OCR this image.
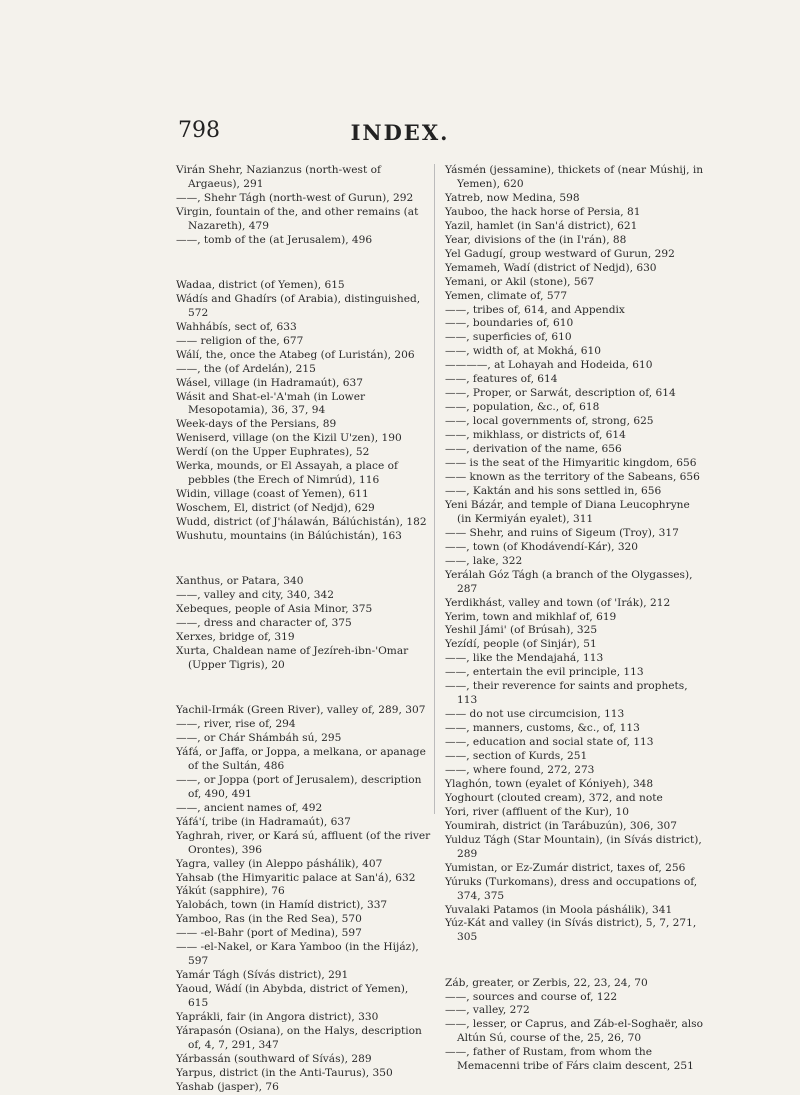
798	INDEX.

Virán Shehr, Nazianzus (north-west of Argaeus), 291

——, Shehr Tágh (north-west of Gurun), 292

Virgin, fountain of the, and other remains (at Nazareth), 479

——, tomb of the (at Jerusalem), 496

Wadaa, district (of Yemen), 615

Wádís and Ghadírs (of Arabia), distinguished, 572

Wahhábís, sect of, 633

—— religion of the, 677

Wálí, the, once the Atabeg (of Luristán), 206

——, the (of Ardelán), 215

Wásel, village (in Hadramaút), 637

Wásit and Shat-el-'A'mah (in Lower Mesopotamia), 36, 37, 94

Week-days of the Persians, 89

Weniserd, village (on the Kizil U'zen), 190

Werdí (on the Upper Euphrates), 52

Werka, mounds, or El Assayah, a place of pebbles (the Erech of Nimrúd), 116

Widin, village (coast of Yemen), 611

Woschem, El, district (of Nedjd), 629

Wudd, district (of J'hálawán, Bálúchistán), 182

Wushutu, mountains (in Bálúchistán), 163

Xanthus, or Patara, 340

——, valley and city, 340, 342

Xebeques, people of Asia Minor, 375

——, dress and character of, 375

Xerxes, bridge of, 319

Xurta, Chaldean name of Jezíreh-ibn-'Omar (Upper Tigris), 20

Yachil-Irmák (Green River), valley of, 289, 307

——, river, rise of, 294

——, or Chár Shámbáh sú, 295

Yáfá, or Jaffa, or Joppa, a melkana, or apanage of the Sultán, 486

——, or Joppa (port of Jerusalem), description of, 490, 491

——, ancient names of, 492

Yáfá'í, tribe (in Hadramaút), 637

Yaghrah, river, or Kará sú, affluent (of the river Orontes), 396

Yagra, valley (in Aleppo páshálik), 407

Yahsab (the Himyaritic palace at San'á), 632

Yákút (sapphire), 76

Yalobách, town (in Hamíd district), 337

Yamboo, Ras (in the Red Sea), 570

—— -el-Bahr (port of Medina), 597

—— -el-Nakel, or Kara Yamboo (in the Hijáz), 597

Yamár Tágh (Sívás district), 291

Yaoud, Wádí (in Abybda, district of Yemen), 615

Yaprákli, fair (in Angora district), 330

Yárapasón (Osiana), on the Halys, description of, 4, 7, 291, 347

Yárbassán (southward of Sívás), 289

Yarpus, district (in the Anti-Taurus), 350

Yashab (jasper), 76

Yásmén (jessamine), thickets of (near Múshij, in Yemen), 620

Yatreb, now Medina, 598

Yauboo, the hack horse of Persia, 81

Yazil, hamlet (in San'á district), 621

Year, divisions of the (in I'rán), 88

Yel Gadugí, group westward of Gurun, 292

Yemameh, Wadí (district of Nedjd), 630

Yemani, or Akil (stone), 567

Yemen, climate of, 577

——, tribes of, 614, and Appendix

——, boundaries of, 610

——, superficies of, 610

——, width of, at Mokhá, 610

————, at Lohayah and Hodeida, 610

——, features of, 614

——, Proper, or Sarwát, description of, 614

——, population, &c., of, 618

——, local governments of, strong, 625

——, mikhlass, or districts of, 614

——, derivation of the name, 656

—— is the seat of the Himyaritic kingdom, 656

—— known as the territory of the Sabeans, 656

——, Kaktán and his sons settled in, 656

Yeni Bázár, and temple of Diana Leucophryne (in Kermiyán eyalet), 311

—— Shehr, and ruins of Sigeum (Troy), 317

——, town (of Khodávendí-Kár), 320

——, lake, 322

Yerálah Góz Tágh (a branch of the Olygasses), 287

Yerdikhást, valley and town (of 'Irák), 212

Yerim, town and mikhlaf of, 619

Yeshil Jámi' (of Brúsah), 325

Yezídí, people (of Sinjár), 51

——, like the Mendajahá, 113

——, entertain the evil principle, 113

——, their reverence for saints and prophets, 113

—— do not use circumcision, 113

——, manners, customs, &c., of, 113

——, education and social state of, 113

——, section of Kurds, 251

——, where found, 272, 273

Ylaghón, town (eyalet of Kóniyeh), 348

Yoghourt (clouted cream), 372, and note

Yori, river (affluent of the Kur), 10

Youmirah, district (in Tarábuzún), 306, 307

Yulduz Tágh (Star Mountain), (in Sívás district), 289

Yumistan, or Ez-Zumár district, taxes of, 256

Yúruks (Turkomans), dress and occupations of, 374, 375

Yuvalaki Patamos (in Moola páshálik), 341

Yúz-Kát and valley (in Sívás district), 5, 7, 271, 305

Záb, greater, or Zerbis, 22, 23, 24, 70

——, sources and course of, 122

——, valley, 272

——, lesser, or Caprus, and Záb-el-Soghaër, also Altún Sú, course of the, 25, 26, 70

——, father of Rustam, from whom the Memacenni tribe of Fárs claim descent, 251
